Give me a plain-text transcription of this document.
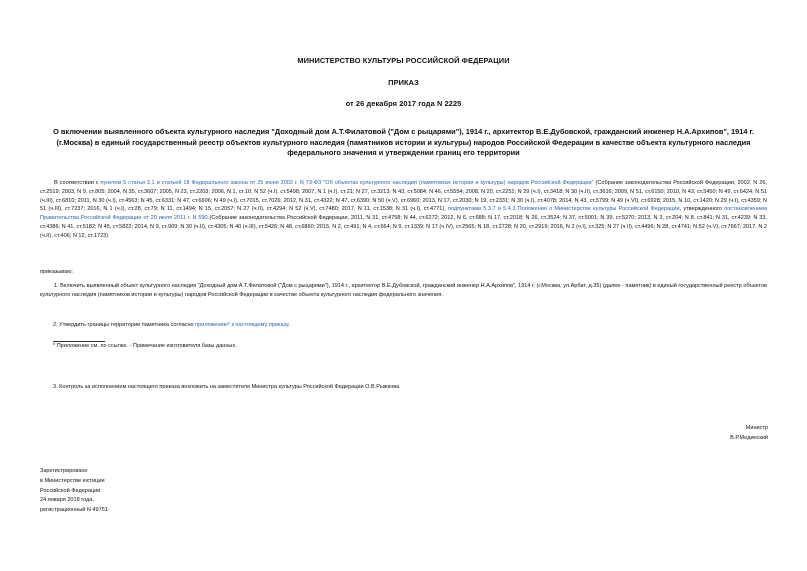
МИНИСТЕРСТВО КУЛЬТУРЫ РОССИЙСКОЙ ФЕДЕРАЦИИ
ПРИКАЗ
от 26 декабря 2017 года N 2225
О включении выявленного объекта культурного наследия "Доходный дом А.Т.Филатовой ("Дом с рыцарями"), 1914 г., архитектор В.Е.Дубовской, гражданский инженер Н.А.Архипов", 1914 г. (г.Москва) в единый государственный реестр объектов культурного наследия (памятников истории и культуры) народов Российской Федерации в качестве объекта культурного наследия федерального значения и утверждении границ его территории
В соответствии с пунктом 5 статьи 3.1 и статьей 18 Федерального закона от 25 июня 2002 г. N 73-ФЗ "Об объектах культурного наследия (памятниках истории и культуры) народов Российской Федерации" (Собрание законодательства Российской Федерации, 2002, N 26, ст.2519; 2003, N 9, ст.805; 2004, N 35, ст.3607; 2005, N 23, ст.2203; 2006, N 1, ст.10; N 52 (ч.I), ст.5498; 2007, N 1 (ч.I), ст.21; N 27, ст.3213; N 43, ст.5084; N 46, ст.5554; 2008, N 20, ст.2251; N 29 (ч.I), ст.3418; N 30 (ч.II), ст.3616; 2009, N 51, ст.6150; 2010, N 43, ст.5450; N 49, ст.6424; N 51 (ч.III), ст.6810; 2011, N 30 (ч.I), ст.4563; N 45, ст.6331; N 47, ст.6606; N 49 (ч.I), ст.7015, ст.7026; 2012, N 31, ст.4322; N 47, ст.6390; N 50 (ч.V), ст.6960; 2013, N 17, ст.2030; N 19, ст.2331; N 30 (ч.I), ст.4078; 2014, N 43, ст.5799; N 49 (ч.VI), ст.6928; 2015, N 10, ст.1420; N 29 (ч.I), ст.4359; N 51 (ч.III), ст.7237; 2016, N 1 (ч.I), ст.28, ст.79; N 11, ст.1494; N 15, ст.2057; N 27 (ч.II), ст.4294; N 52 (ч.V), ст.7480; 2017, N 11, ст.1538; N 31 (ч.I), ст.4771), подпунктами 5.3.7 и 5.4.3 Положения о Министерстве культуры Российской Федерации, утвержденного постановлением Правительства Российской Федерации от 20 июля 2011 г. N 590 (Собрание законодательства Российской Федерации, 2011, N 31, ст.4758; N 44, ст.6272; 2012, N 6, ст.688; N 17, ст.2018; N 26, ст.3524; N 37, ст.5001; N 39, ст.5270; 2013, N 3, ст.204; N 8, ст.841; N 31, ст.4239; N 33, ст.4386; N 41, ст.5182; N 45, ст.5822; 2014, N 9, ст.909; N 30 (ч.II), ст.4305; N 40 (ч.III), ст.5426; N 48, ст.6860; 2015, N 2, ст.491; N 4, ст.664; N 9, ст.1339; N 17 (ч.IV), ст.2565; N 18, ст.2728; N 20, ст.2919; 2016, N 2 (ч.I), ст.325; N 27 (ч.II), ст.4496; N 28, ст.4741; N 52 (ч.V), ст.7667; 2017, N 2 (ч.II), ст.406; N 12, ст.1723)
приказываю:
1. Включить выявленный объект культурного наследия "Доходный дом А.Т.Филатовой ("Дом с рыцарями"), 1914 г., архитектор В.Е.Дубовской, гражданский инженер Н.А.Архипов", 1914 г. (г.Москва, ул.Арбат, д.35) (далее - памятник) в единый государственный реестр объектов культурного наследия (памятников истории и культуры) народов Российской Федерации в качестве объекта культурного наследия федерального значения.
2. Утвердить границы территории памятника согласно приложению* к настоящему приказу.
* Приложение см. по ссылке. - Примечание изготовителя базы данных.
3. Контроль за исполнением настоящего приказа возложить на заместителя Министра культуры Российской Федерации О.В.Рыжкова.
Министр
В.Р.Мединский
Зарегистрировано
в Министерстве юстиции
Российской Федерации
24 января 2018 года,
регистрационный N 49751
